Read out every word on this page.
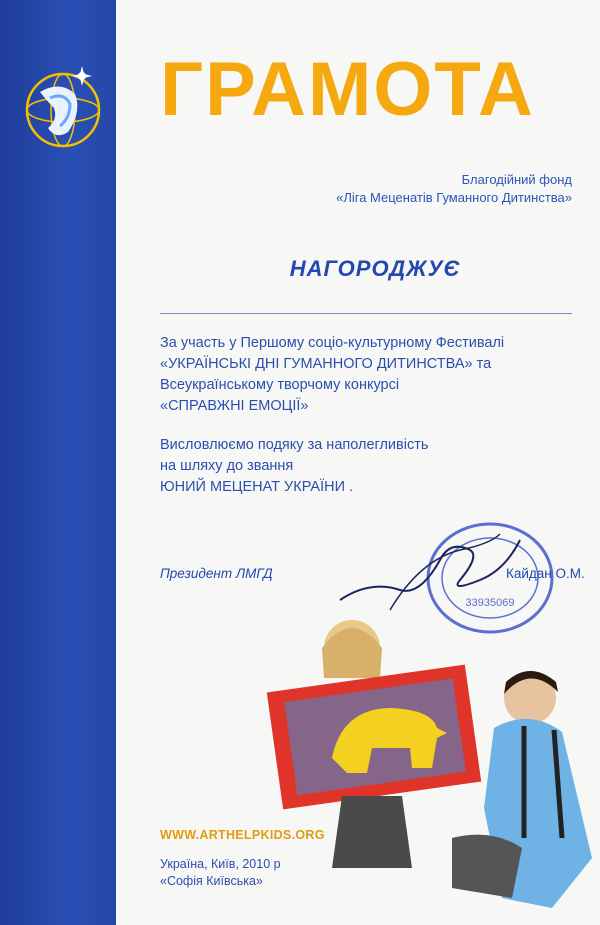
ГРАМОТА
Благодійний фонд
«Ліга Меценатів Гуманного Дитинства»
НАГОРОДЖУЄ

За участь у Першому соціо-культурному Фестивалі

«УКРАЇНСЬКІ ДНІ ГУМАННОГО ДИТИНСТВА» та

Всеукраїнському творчому конкурсі

«СПРАВЖНІ ЕМОЦІЇ»

Висловлюємо подяку за наполегливість

на шляху до звання

ЮНИЙ МЕЦЕНАТ УКРАЇНИ .

33935069
Президент ЛМГД	Кайдан О.М.
WWW.ARTHELPKIDS.ORG
Україна, Київ, 2010 р
«Софія Київська»
